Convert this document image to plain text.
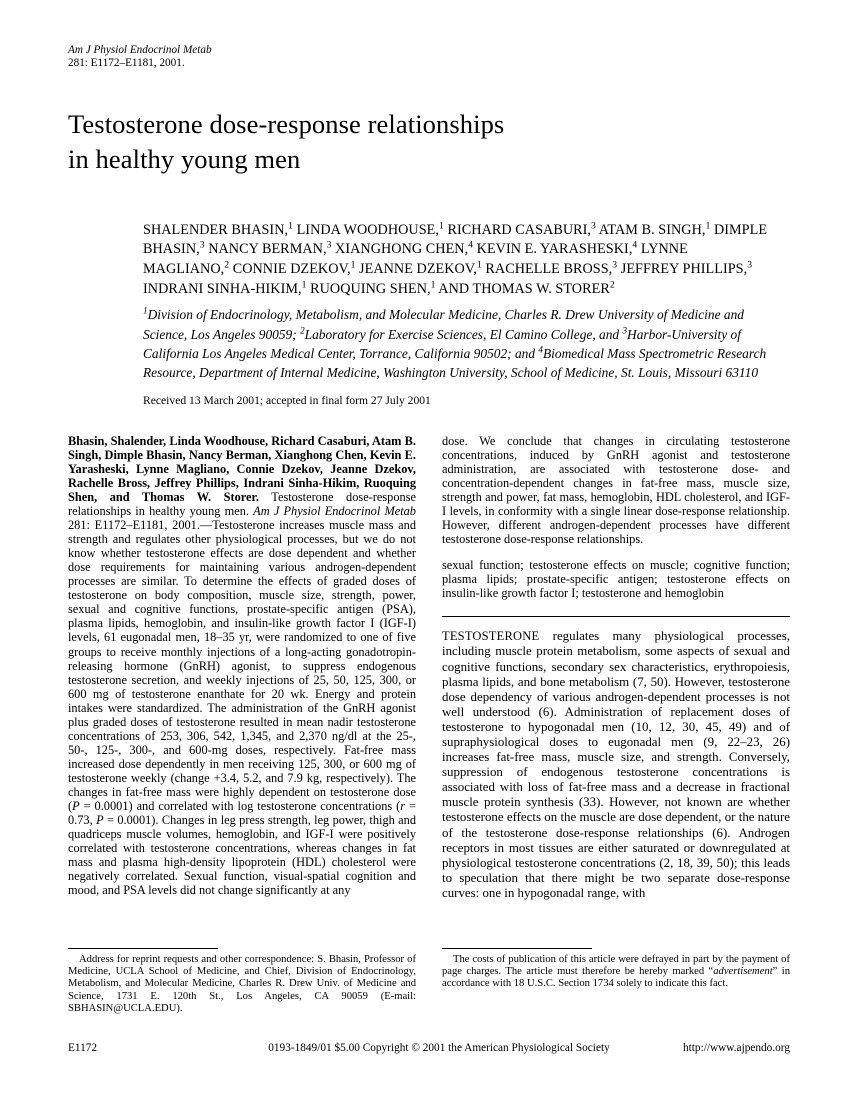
Am J Physiol Endocrinol Metab
281: E1172–E1181, 2001.
Testosterone dose-response relationships
in healthy young men
SHALENDER BHASIN,$^1$ LINDA WOODHOUSE,$^1$ RICHARD CASABURI,$^3$ ATAM B. SINGH,$^1$ DIMPLE BHASIN,$^3$ NANCY BERMAN,$^3$ XIANGHONG CHEN,$^4$ KEVIN E. YARASHESKI,$^4$ LYNNE MAGLIANO,$^2$ CONNIE DZEKOV,$^1$ JEANNE DZEKOV,$^1$ RACHELLE BROSS,$^3$ JEFFREY PHILLIPS,$^3$ INDRANI SINHA-HIKIM,$^1$ RUOQUING SHEN,$^1$ AND THOMAS W. STORER$^2$
$^1$Division of Endocrinology, Metabolism, and Molecular Medicine, Charles R. Drew University of Medicine and Science, Los Angeles 90059; $^2$Laboratory for Exercise Sciences, El Camino College, and $^3$Harbor-University of California Los Angeles Medical Center, Torrance, California 90502; and $^4$Biomedical Mass Spectrometric Research Resource, Department of Internal Medicine, Washington University, School of Medicine, St. Louis, Missouri 63110
Received 13 March 2001; accepted in final form 27 July 2001

Bhasin, Shalender, Linda Woodhouse, Richard Casaburi, Atam B. Singh, Dimple Bhasin, Nancy Berman, Xianghong Chen, Kevin E. Yarasheski, Lynne Magliano, Connie Dzekov, Jeanne Dzekov, Rachelle Bross, Jeffrey Phillips, Indrani Sinha-Hikim, Ruoquing Shen, and Thomas W. Storer. Testosterone dose-response relationships in healthy young men. Am J Physiol Endocrinol Metab 281: E1172–E1181, 2001.—Testosterone increases muscle mass and strength and regulates other physiological processes, but we do not know whether testosterone effects are dose dependent and whether dose requirements for maintaining various androgen-dependent processes are similar. To determine the effects of graded doses of testosterone on body composition, muscle size, strength, power, sexual and cognitive functions, prostate-specific antigen (PSA), plasma lipids, hemoglobin, and insulin-like growth factor I (IGF-I) levels, 61 eugonadal men, 18–35 yr, were randomized to one of five groups to receive monthly injections of a long-acting gonadotropin-releasing hormone (GnRH) agonist, to suppress endogenous testosterone secretion, and weekly injections of 25, 50, 125, 300, or 600 mg of testosterone enanthate for 20 wk. Energy and protein intakes were standardized. The administration of the GnRH agonist plus graded doses of testosterone resulted in mean nadir testosterone concentrations of 253, 306, 542, 1,345, and 2,370 ng/dl at the 25-, 50-, 125-, 300-, and 600-mg doses, respectively. Fat-free mass increased dose dependently in men receiving 125, 300, or 600 mg of testosterone weekly (change +3.4, 5.2, and 7.9 kg, respectively). The changes in fat-free mass were highly dependent on testosterone dose (P = 0.0001) and correlated with log testosterone concentrations (r = 0.73, P = 0.0001). Changes in leg press strength, leg power, thigh and quadriceps muscle volumes, hemoglobin, and IGF-I were positively correlated with testosterone concentrations, whereas changes in fat mass and plasma high-density lipoprotein (HDL) cholesterol were negatively correlated. Sexual function, visual-spatial cognition and mood, and PSA levels did not change significantly at any

dose. We conclude that changes in circulating testosterone concentrations, induced by GnRH agonist and testosterone administration, are associated with testosterone dose- and concentration-dependent changes in fat-free mass, muscle size, strength and power, fat mass, hemoglobin, HDL cholesterol, and IGF-I levels, in conformity with a single linear dose-response relationship. However, different androgen-dependent processes have different testosterone dose-response relationships.

sexual function; testosterone effects on muscle; cognitive function; plasma lipids; prostate-specific antigen; testosterone effects on insulin-like growth factor I; testosterone and hemoglobin

TESTOSTERONE regulates many physiological processes, including muscle protein metabolism, some aspects of sexual and cognitive functions, secondary sex characteristics, erythropoiesis, plasma lipids, and bone metabolism (7, 50). However, testosterone dose dependency of various androgen-dependent processes is not well understood (6). Administration of replacement doses of testosterone to hypogonadal men (10, 12, 30, 45, 49) and of supraphysiological doses to eugonadal men (9, 22–23, 26) increases fat-free mass, muscle size, and strength. Conversely, suppression of endogenous testosterone concentrations is associated with loss of fat-free mass and a decrease in fractional muscle protein synthesis (33). However, not known are whether testosterone effects on the muscle are dose dependent, or the nature of the testosterone dose-response relationships (6). Androgen receptors in most tissues are either saturated or downregulated at physiological testosterone concentrations (2, 18, 39, 50); this leads to speculation that there might be two separate dose-response curves: one in hypogonadal range, with

Address for reprint requests and other correspondence: S. Bhasin, Professor of Medicine, UCLA School of Medicine, and Chief, Division of Endocrinology, Metabolism, and Molecular Medicine, Charles R. Drew Univ. of Medicine and Science, 1731 E. 120th St., Los Angeles, CA 90059 (E-mail: SBHASIN@UCLA.EDU).

The costs of publication of this article were defrayed in part by the payment of page charges. The article must therefore be hereby marked “advertisement” in accordance with 18 U.S.C. Section 1734 solely to indicate this fact.

E1172	0193-1849/01 $5.00 Copyright © 2001 the American Physiological Society	http://www.ajpendo.org
